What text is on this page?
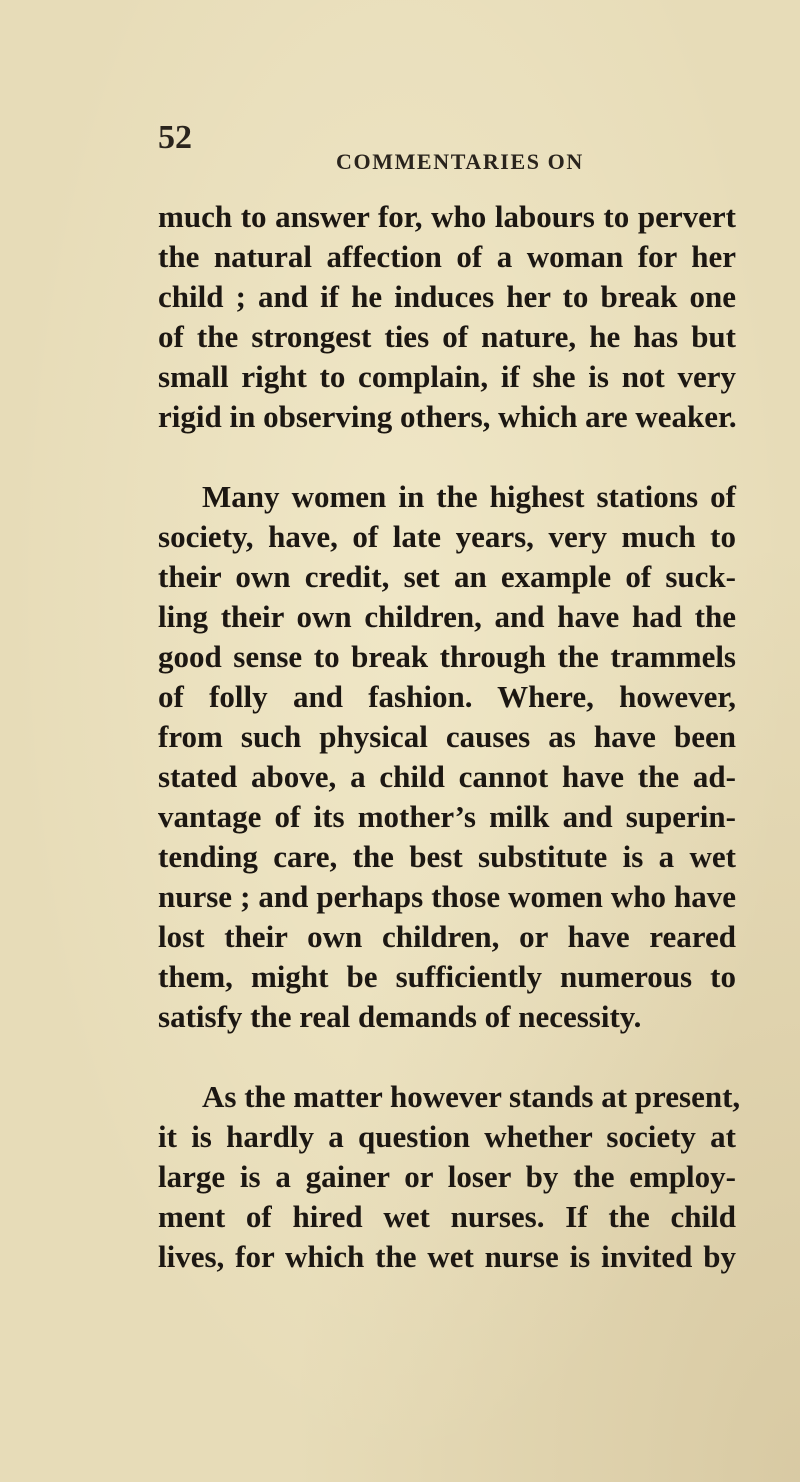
52
COMMENTARIES ON
much to answer for, who labours to pervert
the natural affection of a woman for her
child ; and if he induces her to break one
of the strongest ties of nature, he has but
small right to complain, if she is not very
rigid in observing others, which are weaker.
Many women in the highest stations of
society, have, of late years, very much to
their own credit, set an example of suck-
ling their own children, and have had the
good sense to break through the trammels
of folly and fashion. Where, however,
from such physical causes as have been
stated above, a child cannot have the ad-
vantage of its mother’s milk and superin-
tending care, the best substitute is a wet
nurse ; and perhaps those women who have
lost their own children, or have reared
them, might be sufficiently numerous to
satisfy the real demands of necessity.
As the matter however stands at present,
it is hardly a question whether society at
large is a gainer or loser by the employ-
ment of hired wet nurses. If the child
lives, for which the wet nurse is invited by
